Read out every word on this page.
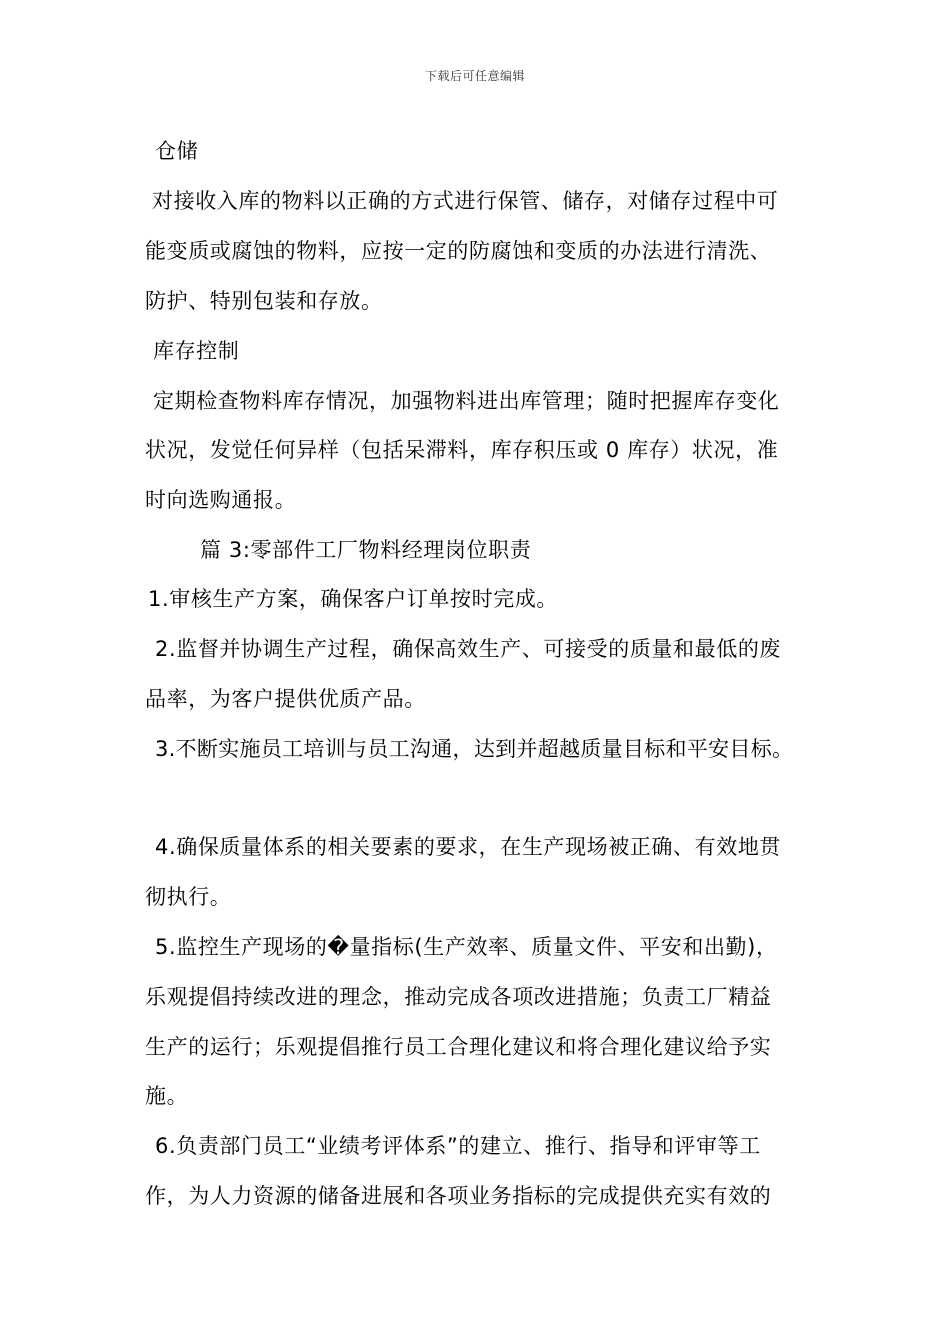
下载后可任意编辑
仓储
对接收入库的物料以正确的方式进行保管、储存，对储存过程中可
能变质或腐蚀的物料，应按一定的防腐蚀和变质的办法进行清洗、
防护、特别包装和存放。
库存控制
定期检查物料库存情况，加强物料进出库管理；随时把握库存变化
状况，发觉任何异样（包括呆滞料，库存积压或 0 库存）状况，准
时向选购通报。
篇 3:零部件工厂物料经理岗位职责
1.审核生产方案，确保客户订单按时完成。
2.监督并协调生产过程，确保高效生产、可接受的质量和最低的废
品率，为客户提供优质产品。
3.不断实施员工培训与员工沟通，达到并超越质量目标和平安目标。
4.确保质量体系的相关要素的要求，在生产现场被正确、有效地贯
彻执行。
5.监控生产现场的�量指标(生产效率、质量文件、平安和出勤)，
乐观提倡持续改进的理念，推动完成各项改进措施；负责工厂精益
生产的运行；乐观提倡推行员工合理化建议和将合理化建议给予实
施。
6.负责部门员工“业绩考评体系”的建立、推行、指导和评审等工
作，为人力资源的储备进展和各项业务指标的完成提供充实有效的
